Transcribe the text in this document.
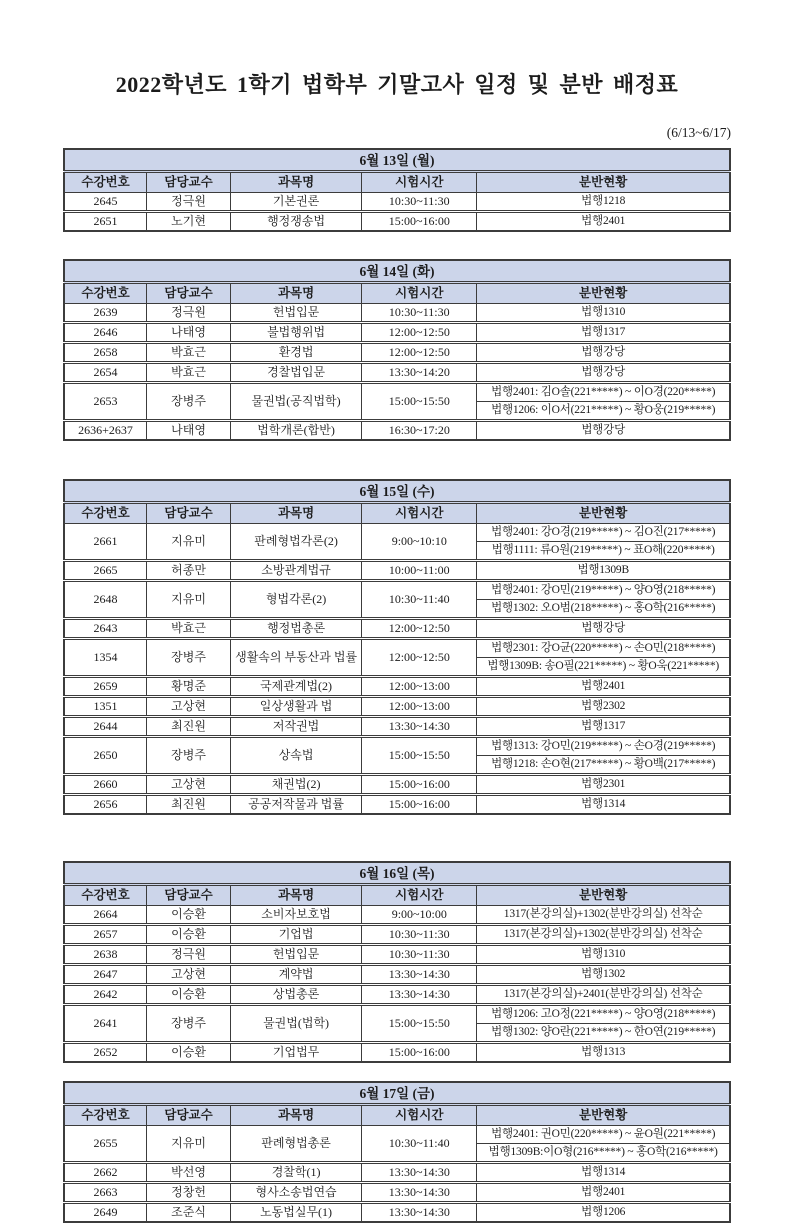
2022학년도 1학기 법학부 기말고사 일정 및 분반 배정표
(6/13~6/17)
6월 13일 (월)				
수강번호	담당교수	과목명	시험시간	분반현황
2645	정극원	기본권론	10:30~11:30	법행1218
2651	노기현	행정쟁송법	15:00~16:00	법행2401
6월 14일 (화)				
수강번호	담당교수	과목명	시험시간	분반현황
2639	정극원	헌법입문	10:30~11:30	법행1310
2646	나태영	불법행위법	12:00~12:50	법행1317
2658	박효근	환경법	12:00~12:50	법행강당
2654	박효근	경찰법입문	13:30~14:20	법행강당
2653	장병주	물권법(공직법학)	15:00~15:50	법행2401: 김O솔(221*****) ~ 이O경(220*****)
				법행1206: 이O서(221*****) ~ 황O웅(219*****)
2636+2637	나태영	법학개론(합반)	16:30~17:20	법행강당
6월 15일 (수)				
수강번호	담당교수	과목명	시험시간	분반현황
2661	지유미	판례형법각론(2)	9:00~10:10	법행2401: 강O경(219*****) ~ 김O진(217*****)
				법행1111: 류O원(219*****) ~ 표O해(220*****)
2665	허종만	소방관계법규	10:00~11:00	법행1309B
2648	지유미	형법각론(2)	10:30~11:40	법행2401: 강O민(219*****) ~ 양O영(218*****)
				법행1302: 오O범(218*****) ~ 홍O학(216*****)
2643	박효근	행정법총론	12:00~12:50	법행강당
1354	장병주	생활속의 부동산과 법률	12:00~12:50	법행2301: 강O균(220*****) ~ 손O민(218*****)
				법행1309B: 송O필(221*****) ~ 황O욱(221*****)
2659	황명준	국제관계법(2)	12:00~13:00	법행2401
1351	고상현	일상생활과 법	12:00~13:00	법행2302
2644	최진원	저작권법	13:30~14:30	법행1317
2650	장병주	상속법	15:00~15:50	법행1313: 강O민(219*****) ~ 손O경(219*****)
				법행1218: 손O현(217*****) ~ 황O백(217*****)
2660	고상현	채권법(2)	15:00~16:00	법행2301
2656	최진원	공공저작물과 법률	15:00~16:00	법행1314
6월 16일 (목)				
수강번호	담당교수	과목명	시험시간	분반현황
2664	이승환	소비자보호법	9:00~10:00	1317(본강의실)+1302(분반강의실) 선착순
2657	이승환	기업법	10:30~11:30	1317(본강의실)+1302(분반강의실) 선착순
2638	정극원	헌법입문	10:30~11:30	법행1310
2647	고상현	계약법	13:30~14:30	법행1302
2642	이승환	상법총론	13:30~14:30	1317(본강의실)+2401(분반강의실) 선착순
2641	장병주	물권법(법학)	15:00~15:50	법행1206: 고O정(221*****) ~ 양O영(218*****)
				법행1302: 양O란(221*****) ~ 한O연(219*****)
2652	이승환	기업법무	15:00~16:00	법행1313
6월 17일 (금)				
수강번호	담당교수	과목명	시험시간	분반현황
2655	지유미	판례형법총론	10:30~11:40	법행2401: 권O민(220*****) ~ 윤O원(221*****)
				법행1309B:이O형(216*****) ~ 홍O학(216*****)
2662	박선영	경찰학(1)	13:30~14:30	법행1314
2663	정창헌	형사소송법연습	13:30~14:30	법행2401
2649	조준식	노동법실무(1)	13:30~14:30	법행1206
